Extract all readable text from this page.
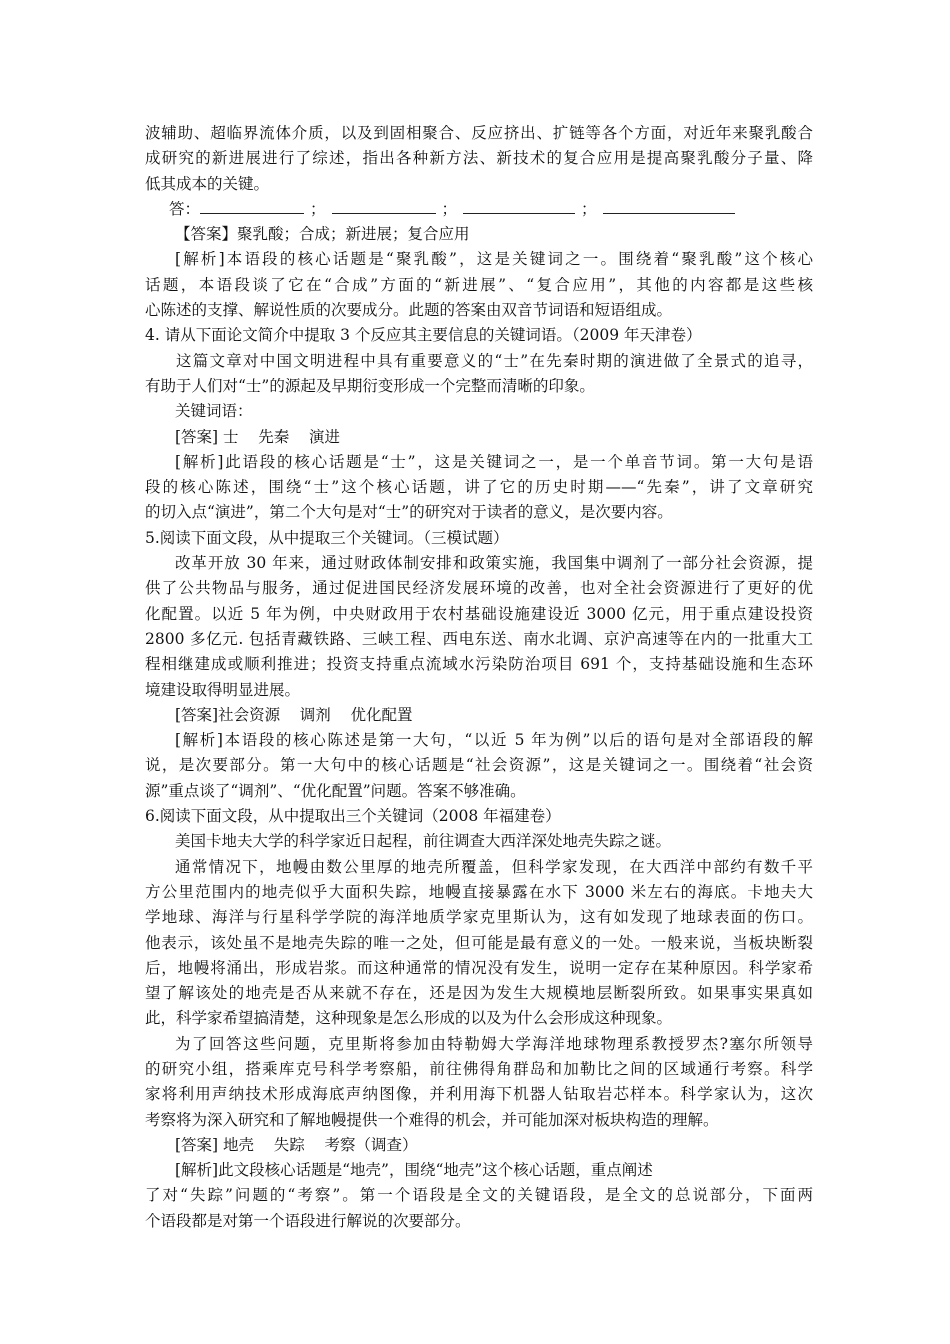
波辅助、超临界流体介质，以及到固相聚合、反应挤出、扩链等各个方面，对近年来聚乳酸合
成研究的新进展进行了综述，指出各种新方法、新技术的复合应用是提高聚乳酸分子量、降
低其成本的关键。
答：	；	；	；
【答案】聚乳酸；合成；新进展；复合应用
[解析]本语段的核心话题是“聚乳酸”，这是关键词之一。围绕着“聚乳酸”这个核心
话题，本语段谈了它在“合成”方面的“新进展”、“复合应用”，其他的内容都是这些核
心陈述的支撑、解说性质的次要成分。此题的答案由双音节词语和短语组成。
4. 请从下面论文简介中提取 3 个反应其主要信息的关键词语。（2009 年天津卷）
这篇文章对中国文明进程中具有重要意义的“士”在先秦时期的演进做了全景式的追寻，
有助于人们对“士”的源起及早期衍变形成一个完整而清晰的印象。
关键词语：
[答案] 士    先秦    演进
[解析]此语段的核心话题是“士”，这是关键词之一，是一个单音节词。第一大句是语
段的核心陈述，围绕“士”这个核心话题，讲了它的历史时期——“先秦”，讲了文章研究
的切入点“演进”，第二个大句是对“士”的研究对于读者的意义，是次要内容。
5.阅读下面文段，从中提取三个关键词。（三模试题）
改革开放 30 年来，通过财政体制安排和政策实施，我国集中调剂了一部分社会资源，提
供了公共物品与服务，通过促进国民经济发展环境的改善，也对全社会资源进行了更好的优
化配置。以近 5 年为例，中央财政用于农村基础设施建设近 3000 亿元，用于重点建设投资
2800 多亿元. 包括青藏铁路、三峡工程、西电东送、南水北调、京沪高速等在内的一批重大工
程相继建成或顺利推进；投资支持重点流域水污染防治项目 691 个，支持基础设施和生态环
境建设取得明显进展。
[答案]社会资源    调剂    优化配置
[解析]本语段的核心陈述是第一大句，“以近 5 年为例”以后的语句是对全部语段的解
说，是次要部分。第一大句中的核心话题是“社会资源”，这是关键词之一。围绕着“社会资
源”重点谈了“调剂”、“优化配置”问题。答案不够准确。
6.阅读下面文段，从中提取出三个关键词（2008 年福建卷）
美国卡地夫大学的科学家近日起程，前往调查大西洋深处地壳失踪之谜。
通常情况下，地幔由数公里厚的地壳所覆盖，但科学家发现，在大西洋中部约有数千平
方公里范围内的地壳似乎大面积失踪，地幔直接暴露在水下 3000 米左右的海底。卡地夫大
学地球、海洋与行星科学学院的海洋地质学家克里斯认为，这有如发现了地球表面的伤口。
他表示，该处虽不是地壳失踪的唯一之处，但可能是最有意义的一处。一般来说，当板块断裂
后，地幔将涌出，形成岩浆。而这种通常的情况没有发生，说明一定存在某种原因。科学家希
望了解该处的地壳是否从来就不存在，还是因为发生大规模地层断裂所致。如果事实果真如
此，科学家希望搞清楚，这种现象是怎么形成的以及为什么会形成这种现象。
为了回答这些问题，克里斯将参加由特勒姆大学海洋地球物理系教授罗杰?塞尔所领导
的研究小组，搭乘库克号科学考察船，前往佛得角群岛和加勒比之间的区域通行考察。科学
家将利用声纳技术形成海底声纳图像，并利用海下机器人钻取岩芯样本。科学家认为，这次
考察将为深入研究和了解地幔提供一个难得的机会，并可能加深对板块构造的理解。
[答案] 地壳    失踪    考察（调查）
[解析]此文段核心话题是“地壳”，围绕“地壳”这个核心话题，重点阐述
了对“失踪”问题的“考察”。第一个语段是全文的关键语段，是全文的总说部分，下面两
个语段都是对第一个语段进行解说的次要部分。
